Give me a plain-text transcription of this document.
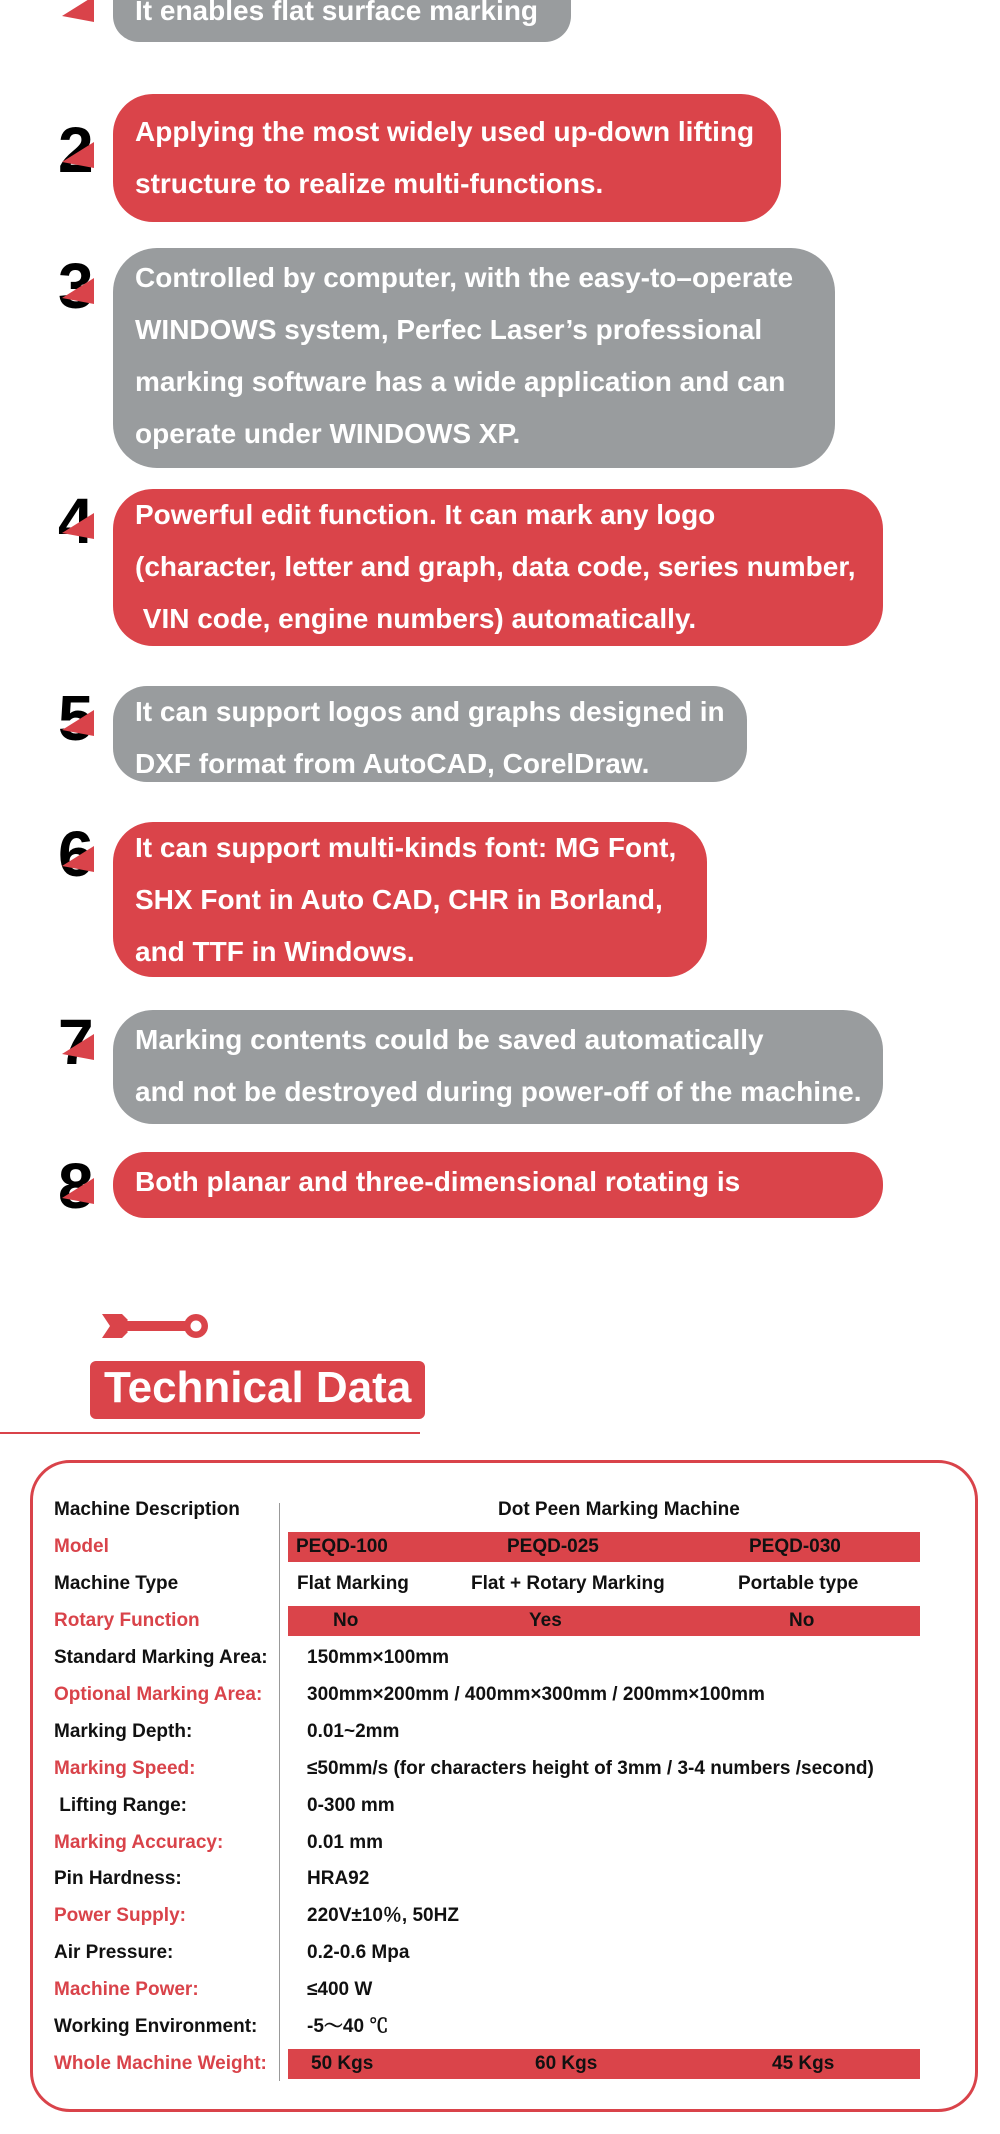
It enables flat surface marking
2	Applying the most widely used up-down lifting
structure to realize multi-functions.
3	Controlled by computer, with the easy-to–operate
WINDOWS system, Perfec Laser’s professional
marking software has a wide application and can
operate under WINDOWS XP.
4	Powerful edit function. It can mark any logo
(character, letter and graph, data code, series number,
VIN code, engine numbers) automatically.
5	It can support logos and graphs designed in
DXF format from AutoCAD, CorelDraw.
6	It can support multi-kinds font: MG Font,
SHX Font in Auto CAD, CHR in Borland,
and TTF in Windows.
7	Marking contents could be saved automatically
and not be destroyed during power-off of the machine.
8	Both planar and three-dimensional rotating is available.
Technical Data
Machine Description	Dot Peen Marking Machine
Model	PEQD-100	PEQD-025	PEQD-030
Machine Type	Flat Marking	Flat + Rotary Marking	Portable type
Rotary Function	No	Yes	No
Standard Marking Area: 150mm×100mm
Optional Marking Area: 300mm×200mm / 400mm×300mm / 200mm×100mm
Marking Depth:	0.01~2mm
Marking Speed:	≤50mm/s (for characters height of 3mm / 3-4 numbers /second)
Lifting Range:	0-300 mm
Marking Accuracy:	0.01 mm
Pin Hardness:	HRA92
Power Supply:	220V±10％, 50HZ
Air Pressure:	0.2-0.6 Mpa
Machine Power:	≤400 W
Working Environment:	-5～40 ℃
Whole Machine Weight: 50 Kgs	60 Kgs	45 Kgs
